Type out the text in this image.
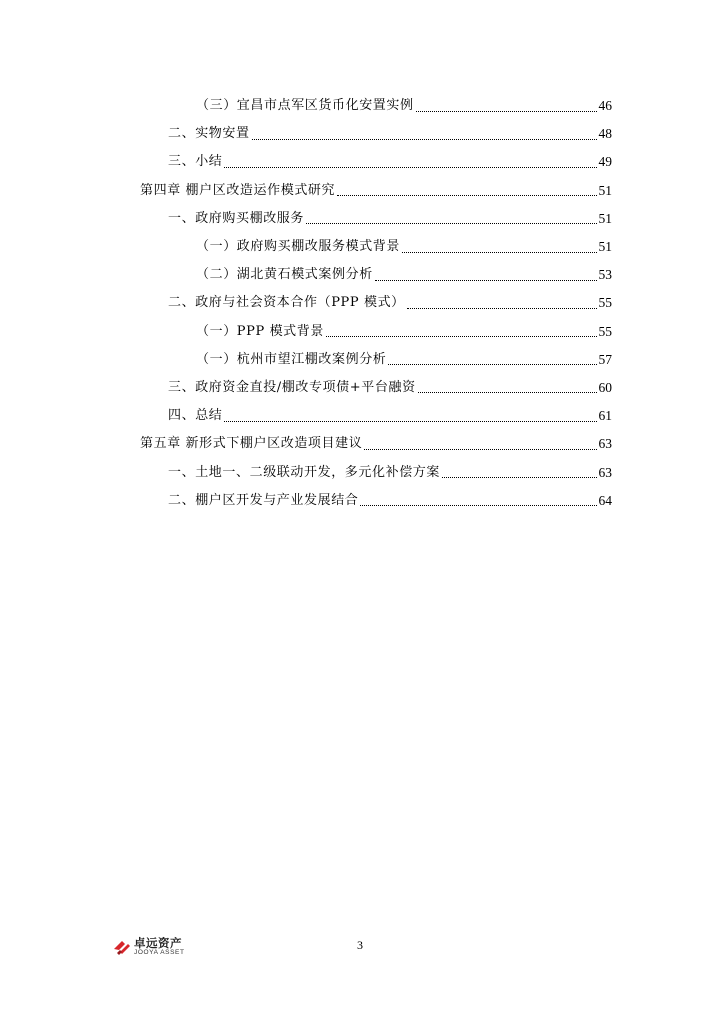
（三）宜昌市点军区货币化安置实例	46
二、实物安置	48
三、小结	49
第四章 棚户区改造运作模式研究	51
一、政府购买棚改服务	51
（一）政府购买棚改服务模式背景	51
（二）湖北黄石模式案例分析	53
二、政府与社会资本合作（PPP 模式）	55
（一）PPP 模式背景	55
（一）杭州市望江棚改案例分析	57
三、政府资金直投/棚改专项债+平台融资	60
四、总结	61
第五章 新形式下棚户区改造项目建议	63
一、土地一、二级联动开发，多元化补偿方案	63
二、棚户区开发与产业发展结合	64
卓远资产
JOOYA ASSET
3
